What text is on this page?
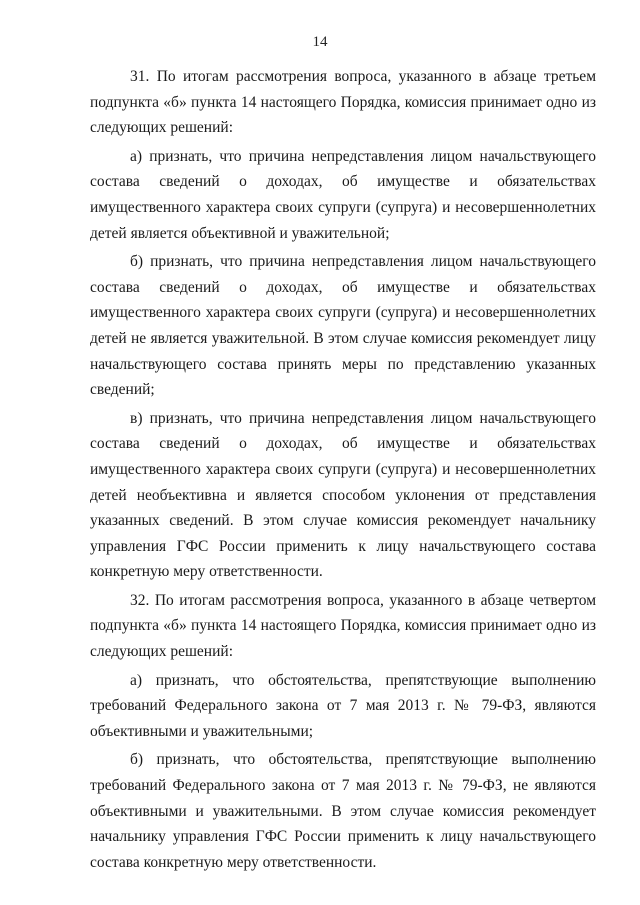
14

31. По итогам рассмотрения вопроса, указанного в абзаце третьем подпункта «б» пункта 14 настоящего Порядка, комиссия принимает одно из следующих решений:

а) признать, что причина непредставления лицом начальствующего состава сведений о доходах, об имуществе и обязательствах имущественного характера своих супруги (супруга) и несовершеннолетних детей является объективной и уважительной;

б) признать, что причина непредставления лицом начальствующего состава сведений о доходах, об имуществе и обязательствах имущественного характера своих супруги (супруга) и несовершеннолетних детей не является уважительной. В этом случае комиссия рекомендует лицу начальствующего состава принять меры по представлению указанных сведений;

в) признать, что причина непредставления лицом начальствующего состава сведений о доходах, об имуществе и обязательствах имущественного характера своих супруги (супруга) и несовершеннолетних детей необъективна и является способом уклонения от представления указанных сведений. В этом случае комиссия рекомендует начальнику управления ГФС России применить к лицу начальствующего состава конкретную меру ответственности.

32. По итогам рассмотрения вопроса, указанного в абзаце четвертом подпункта «б» пункта 14 настоящего Порядка, комиссия принимает одно из следующих решений:

а) признать, что обстоятельства, препятствующие выполнению требований Федерального закона от 7 мая 2013 г. № 79-ФЗ, являются объективными и уважительными;

б) признать, что обстоятельства, препятствующие выполнению требований Федерального закона от 7 мая 2013 г. № 79-ФЗ, не являются объективными и уважительными. В этом случае комиссия рекомендует начальнику управления ГФС России применить к лицу начальствующего состава конкретную меру ответственности.
